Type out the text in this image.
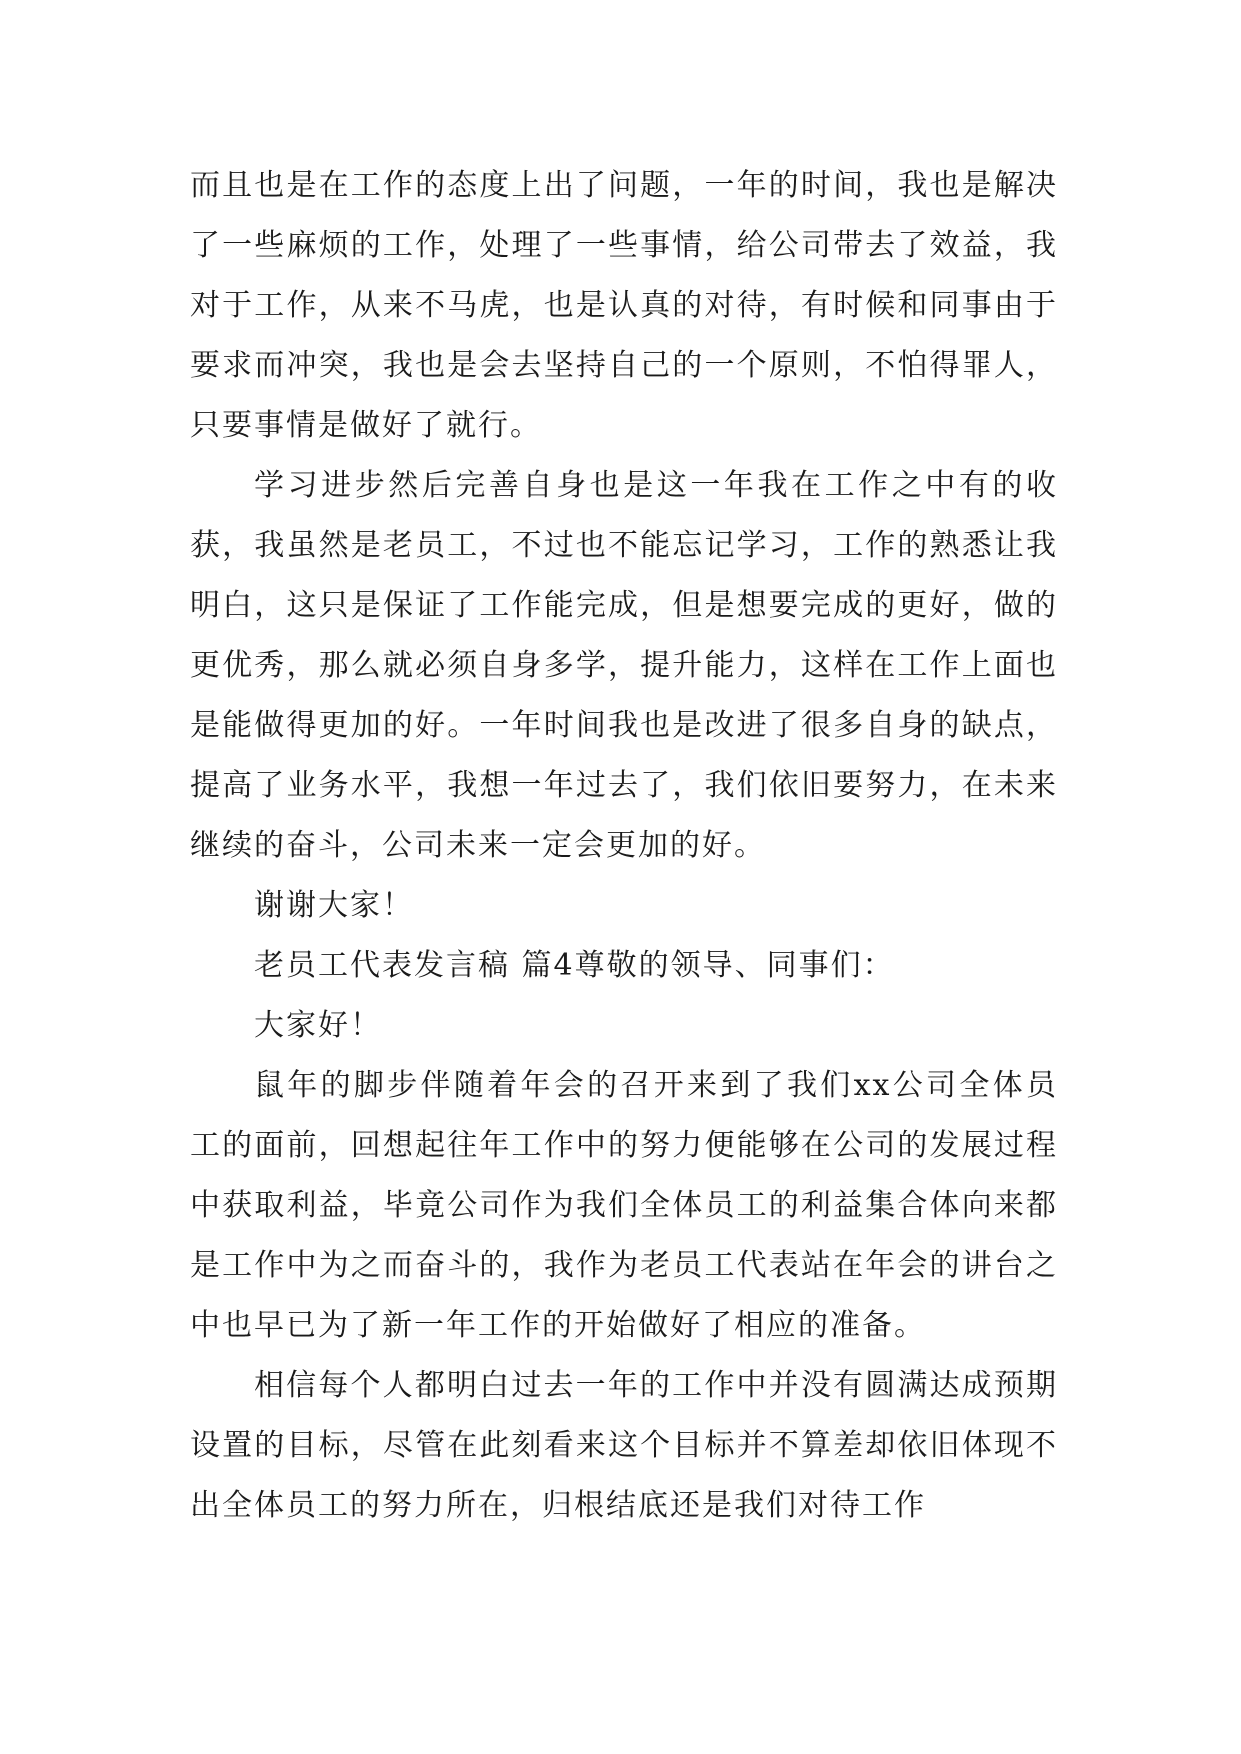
而且也是在工作的态度上出了问题，一年的时间，我也是解决了一些麻烦的工作，处理了一些事情，给公司带去了效益，我对于工作，从来不马虎，也是认真的对待，有时候和同事由于要求而冲突，我也是会去坚持自己的一个原则，不怕得罪人，只要事情是做好了就行。

学习进步然后完善自身也是这一年我在工作之中有的收获，我虽然是老员工，不过也不能忘记学习，工作的熟悉让我明白，这只是保证了工作能完成，但是想要完成的更好，做的更优秀，那么就必须自身多学，提升能力，这样在工作上面也是能做得更加的好。一年时间我也是改进了很多自身的缺点，提高了业务水平，我想一年过去了，我们依旧要努力，在未来继续的奋斗，公司未来一定会更加的好。

谢谢大家！

老员工代表发言稿 篇4尊敬的领导、同事们：

大家好！

鼠年的脚步伴随着年会的召开来到了我们xx公司全体员工的面前，回想起往年工作中的努力便能够在公司的发展过程中获取利益，毕竟公司作为我们全体员工的利益集合体向来都是工作中为之而奋斗的，我作为老员工代表站在年会的讲台之中也早已为了新一年工作的开始做好了相应的准备。

相信每个人都明白过去一年的工作中并没有圆满达成预期设置的目标，尽管在此刻看来这个目标并不算差却依旧体现不出全体员工的努力所在，归根结底还是我们对待工作
